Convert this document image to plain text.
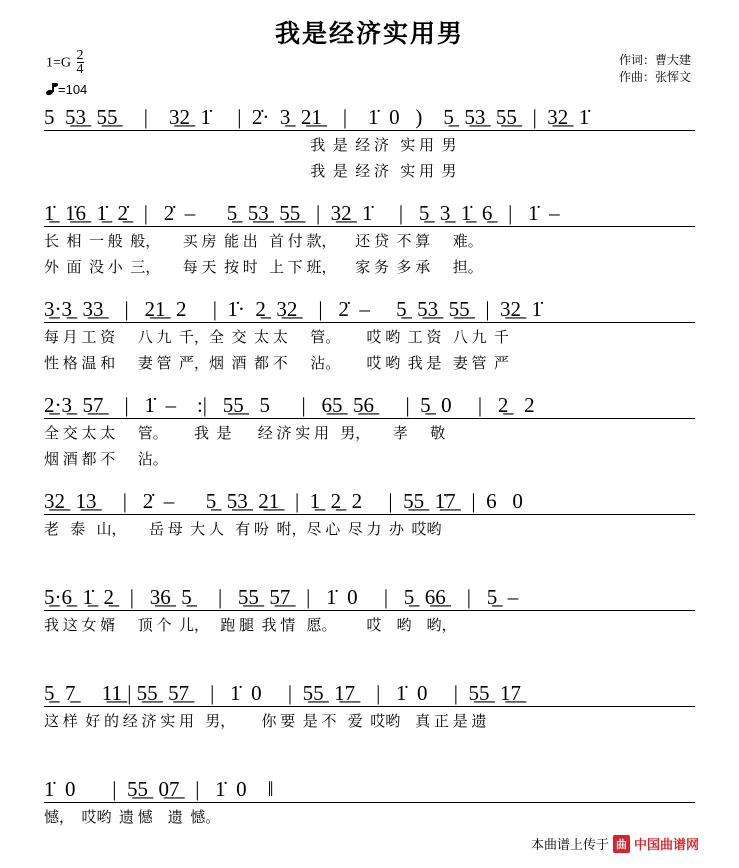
我是经济实用男
$1=G \frac{2}{4}$
=104
作词：曹大建
作曲：张恽文
5  5̲3̲  5̲5̲     |    3̲2̲  1̇     |  2̇·  3̲  2̲1̲    |    1̇  0   )    5̲  5̲3̲  5̲5̲   |  3̲2̲  1̇
我  是  经 济   实 用  男
我  是  经 济   实 用  男
1̲̇  1̲̇6̲  1̲̇  2̲̇   |   2̇  –      5̲  5̲3̲  5̲5̲   |  3̲2̲  1̇     |   5̲  3̲  1̲̇  6̲   |   1̇  –
长  相  一 般  般，      买 房  能 出   首 付 款，     还 贷  不 算      难。
外  面  没 小  三，      每 天  按 时   上 下 班，     家 务  多 承      担。
3̲·3̲  3̲3̲    |   2̲1̲  2     |  1̇·  2̲  3̲2̲    |   2̇  –     5̲  5̲3̲  5̲5̲   |  3̲2̲  1̇
每 月 工 资      八 九  千，全  交  太 太      管。       哎 哟  工 资   八 九  千
性 格 温 和      妻 管  严，烟  酒  都 不      沾。       哎 哟  我 是   妻 管  严
2̲·3̲  5̲7̲    |   1̇  –    :|   5̲5̲   5      |   6̲5̲  5̲6̲      |  5̲  0     |   2̲   2
全 交 太 太      管。       我  是       经 济 实 用   男，      孝      敬
烟 酒 都 不      沾。
3̲2̲  1̲3̲     |   2̇  –      5̲  5̲3̲  2̲1̲   |  1̲  2̲  2     |  5̲5̲  1̲̇7̲   |  6   0
老   泰   山，      岳 母  大 人   有 吩  咐，尽 心  尽 力  办  哎哟
5̲·6̲  1̲̇  2̲   |   3̲6̲  5̲     |   5̲5̲  5̲7̲   |   1̇  0     |   5̲  6̲6̲    |   5̲  –
我 这 女 婿      顶 个  儿，   跑 腿  我 情   愿。        哎    哟    哟，
5̲  7̲     1̲1̲ | 5̲5̲  5̲7̲    |   1̇  0     |  5̲5̲  1̲7̲    |   1̇  0     |  5̲5̲  1̲7̲
这 样  好 的 经 济 实 用   男，       你 要  是 不   爱  哎哟    真 正 是 遗
1̇  0       |  5̲5̲  0̲7̲   |   1̇  0    ‖
憾，  哎哟  遗 憾    遗  憾。
本曲谱上传于 曲 中国曲谱网
